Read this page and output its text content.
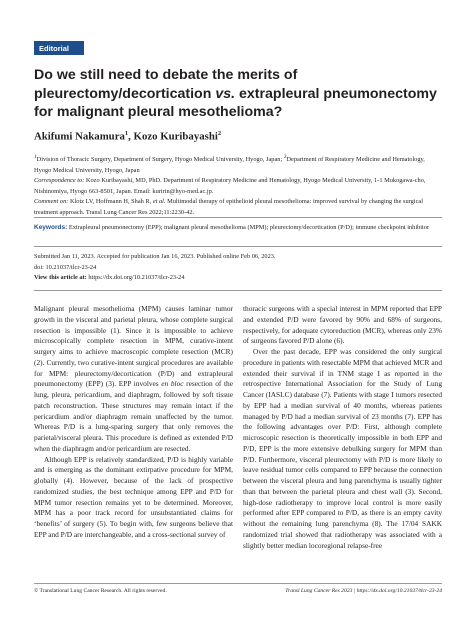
Editorial
Do we still need to debate the merits of pleurectomy/decortication vs. extrapleural pneumonectomy for malignant pleural mesothelioma?
Akifumi Nakamura$^1$, Kozo Kuribayashi$^2$

$^1$Division of Thoracic Surgery, Department of Surgery, Hyogo Medical University, Hyogo, Japan; $^2$Department of Respiratory Medicine and Hematology, Hyogo Medical University, Hyogo, Japan

Correspondence to: Kozo Kuribayashi, MD, PhD. Department of Respiratory Medicine and Hematology, Hyogo Medical University, 1-1 Mukogawa-cho, Nishinomiya, Hyogo 663-8501, Japan. Email: kuririn@hyo-med.ac.jp.

Comment on: Klotz LV, Hoffmann H, Shah R, et al. Multimodal therapy of epithelioid pleural mesothelioma: improved survival by changing the surgical treatment approach. Transl Lung Cancer Res 2022;11:2230-42.

Keywords: Extrapleural pneumonectomy (EPP); malignant pleural mesothelioma (MPM); pleurectomy/decortication (P/D); immune checkpoint inhibitor

Submitted Jan 11, 2023. Accepted for publication Jan 16, 2023. Published online Feb 06, 2023.

doi: 10.21037/tlcr-23-24

View this article at: https://dx.doi.org/10.21037/tlcr-23-24

Malignant pleural mesothelioma (MPM) causes laminar tumor growth in the visceral and parietal pleura, whose complete surgical resection is impossible (1). Since it is impossible to achieve microscopically complete resection in MPM, curative-intent surgery aims to achieve macroscopic complete resection (MCR) (2). Currently, two curative-intent surgical procedures are available for MPM: pleurectomy/decortication (P/D) and extrapleural pneumonectomy (EPP) (3). EPP involves en bloc resection of the lung, pleura, pericardium, and diaphragm, followed by soft tissue patch reconstruction. These structures may remain intact if the pericardium and/or diaphragm remain unaffected by the tumor. Whereas P/D is a lung-sparing surgery that only removes the parietal/visceral pleura. This procedure is defined as extended P/D when the diaphragm and/or pericardium are resected.

Although EPP is relatively standardized, P/D is highly variable and is emerging as the dominant extirpative procedure for MPM, globally (4). However, because of the lack of prospective randomized studies, the best technique among EPP and P/D for MPM tumor resection remains yet to be determined. Moreover, MPM has a poor track record for unsubstantiated claims for ‘benefits’ of surgery (5). To begin with, few surgeons believe that EPP and P/D are interchangeable, and a cross-sectional survey of

thoracic surgeons with a special interest in MPM reported that EPP and extended P/D were favored by 90% and 68% of surgeons, respectively, for adequate cytoreduction (MCR), whereas only 23% of surgeons favored P/D alone (6).

Over the past decade, EPP was considered the only surgical procedure in patients with resectable MPM that achieved MCR and extended their survival if in TNM stage I as reported in the retrospective International Association for the Study of Lung Cancer (IASLC) database (7). Patients with stage I tumors resected by EPP had a median survival of 40 months, whereas patients managed by P/D had a median survival of 23 months (7). EPP has the following advantages over P/D: First, although complete microscopic resection is theoretically impossible in both EPP and P/D, EPP is the more extensive debulking surgery for MPM than P/D. Furthermore, visceral pleurectomy with P/D is more likely to leave residual tumor cells compared to EPP because the connection between the visceral pleura and lung parenchyma is usually tighter than that between the parietal pleura and chest wall (3). Second, high-dose radiotherapy to improve local control is more easily performed after EPP compared to P/D, as there is an empty cavity without the remaining lung parenchyma (8). The 17/04 SAKK randomized trial showed that radiotherapy was associated with a slightly better median locoregional relapse-free

© Translational Lung Cancer Research. All rights reserved.	Transl Lung Cancer Res 2023 | https://dx.doi.org/10.21037/tlcr-23-24
